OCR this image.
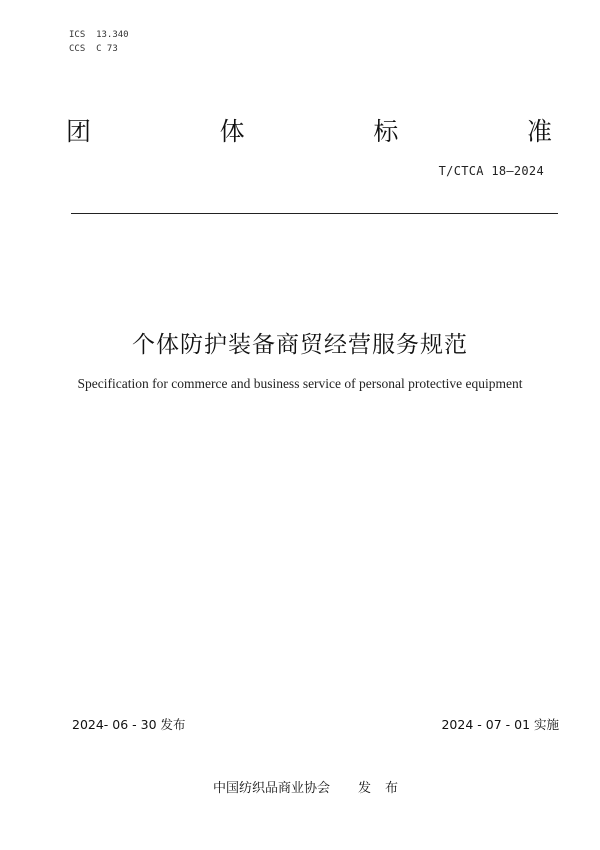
ICS  13.340
CCS  C 73
团	体	标	准
T/CTCA 18—2024
个体防护装备商贸经营服务规范
Specification for commerce and business service of personal protective equipment
2024- 06 - 30 发布	2024 - 07 - 01 实施
中国纺织品商业协会 发布
